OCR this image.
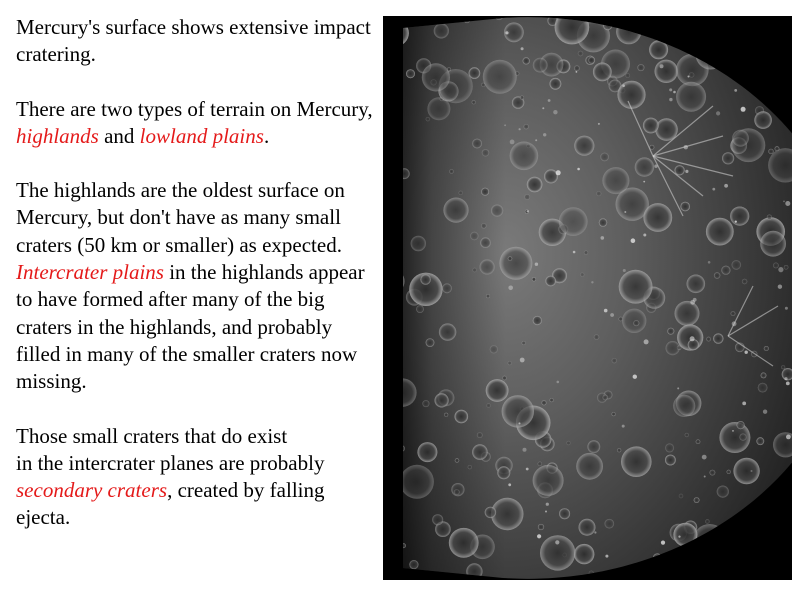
Mercury's surface shows extensive impact cratering.

There are two types of terrain on Mercury, highlands and lowland plains.

The highlands are the oldest surface on Mercury, but don't have as many small craters (50 km or smaller) as expected. Intercrater plains in the highlands appear to have formed after many of the big craters in the highlands, and probably filled in many of the smaller craters now missing.

Those small craters that do exist
in the intercrater planes are probably secondary craters, created by falling ejecta.
